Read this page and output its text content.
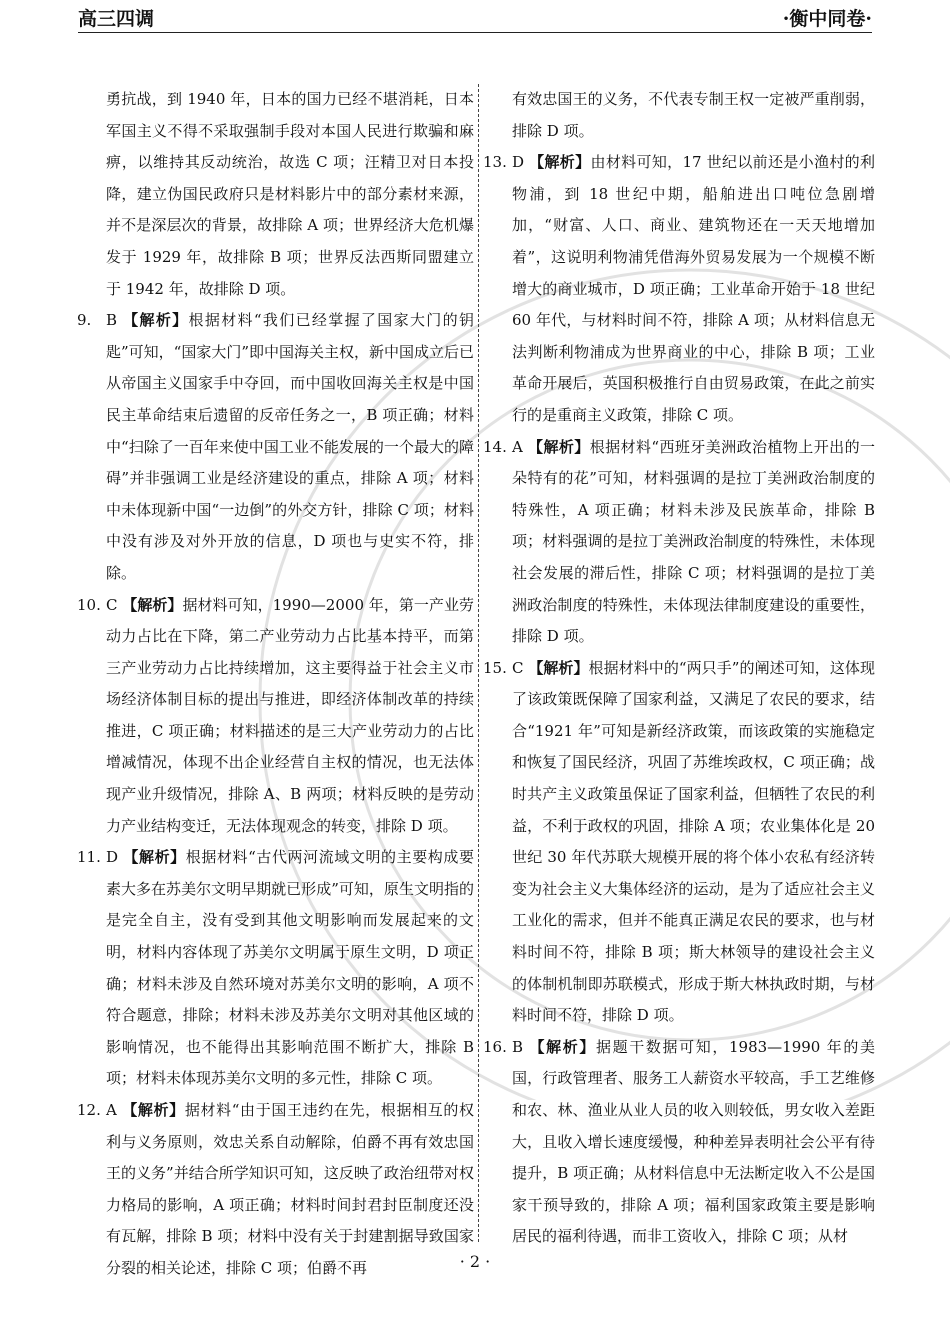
高三四调	·衡中同卷·

勇抗战，到 1940 年，日本的国力已经不堪消耗，日本军国主义不得不采取强制手段对本国人民进行欺骗和麻痹，以维持其反动统治，故选 C 项；汪精卫对日本投降，建立伪国民政府只是材料影片中的部分素材来源，并不是深层次的背景，故排除 A 项；世界经济大危机爆发于 1929 年，故排除 B 项；世界反法西斯同盟建立于 1942 年，故排除 D 项。

9. B 【解析】根据材料“我们已经掌握了国家大门的钥匙”可知，“国家大门”即中国海关主权，新中国成立后已从帝国主义国家手中夺回，而中国收回海关主权是中国民主革命结束后遗留的反帝任务之一，B 项正确；材料中“扫除了一百年来使中国工业不能发展的一个最大的障碍”并非强调工业是经济建设的重点，排除 A 项；材料中未体现新中国“一边倒”的外交方针，排除 C 项；材料中没有涉及对外开放的信息，D 项也与史实不符，排除。

10. C 【解析】据材料可知，1990—2000 年，第一产业劳动力占比在下降，第二产业劳动力占比基本持平，而第三产业劳动力占比持续增加，这主要得益于社会主义市场经济体制目标的提出与推进，即经济体制改革的持续推进，C 项正确；材料描述的是三大产业劳动力的占比增减情况，体现不出企业经营自主权的情况，也无法体现产业升级情况，排除 A、B 两项；材料反映的是劳动力产业结构变迁，无法体现观念的转变，排除 D 项。

11. D 【解析】根据材料“古代两河流域文明的主要构成要素大多在苏美尔文明早期就已形成”可知，原生文明指的是完全自主，没有受到其他文明影响而发展起来的文明，材料内容体现了苏美尔文明属于原生文明，D 项正确；材料未涉及自然环境对苏美尔文明的影响，A 项不符合题意，排除；材料未涉及苏美尔文明对其他区域的影响情况，也不能得出其影响范围不断扩大，排除 B 项；材料未体现苏美尔文明的多元性，排除 C 项。

12. A 【解析】据材料“由于国王违约在先，根据相互的权利与义务原则，效忠关系自动解除，伯爵不再有效忠国王的义务”并结合所学知识可知，这反映了政治纽带对权力格局的影响，A 项正确；材料时间封君封臣制度还没有瓦解，排除 B 项；材料中没有关于封建割据导致国家分裂的相关论述，排除 C 项；伯爵不再

有效忠国王的义务，不代表专制王权一定被严重削弱，排除 D 项。

13. D 【解析】由材料可知，17 世纪以前还是小渔村的利物浦，到 18 世纪中期，船舶进出口吨位急剧增加，“财富、人口、商业、建筑物还在一天天地增加着”，这说明利物浦凭借海外贸易发展为一个规模不断增大的商业城市，D 项正确；工业革命开始于 18 世纪 60 年代，与材料时间不符，排除 A 项；从材料信息无法判断利物浦成为世界商业的中心，排除 B 项；工业革命开展后，英国积极推行自由贸易政策，在此之前实行的是重商主义政策，排除 C 项。

14. A 【解析】根据材料“西班牙美洲政治植物上开出的一朵特有的花”可知，材料强调的是拉丁美洲政治制度的特殊性，A 项正确；材料未涉及民族革命，排除 B 项；材料强调的是拉丁美洲政治制度的特殊性，未体现社会发展的滞后性，排除 C 项；材料强调的是拉丁美洲政治制度的特殊性，未体现法律制度建设的重要性，排除 D 项。

15. C 【解析】根据材料中的“两只手”的阐述可知，这体现了该政策既保障了国家利益，又满足了农民的要求，结合“1921 年”可知是新经济政策，而该政策的实施稳定和恢复了国民经济，巩固了苏维埃政权，C 项正确；战时共产主义政策虽保证了国家利益，但牺牲了农民的利益，不利于政权的巩固，排除 A 项；农业集体化是 20 世纪 30 年代苏联大规模开展的将个体小农私有经济转变为社会主义大集体经济的运动，是为了适应社会主义工业化的需求，但并不能真正满足农民的要求，也与材料时间不符，排除 B 项；斯大林领导的建设社会主义的体制机制即苏联模式，形成于斯大林执政时期，与材料时间不符，排除 D 项。

16. B 【解析】据题干数据可知，1983—1990 年的美国，行政管理者、服务工人薪资水平较高，手工艺维修和农、林、渔业从业人员的收入则较低，男女收入差距大，且收入增长速度缓慢，种种差异表明社会公平有待提升，B 项正确；从材料信息中无法断定收入不公是国家干预导致的，排除 A 项；福利国家政策主要是影响居民的福利待遇，而非工资收入，排除 C 项；从材

· 2 ·
